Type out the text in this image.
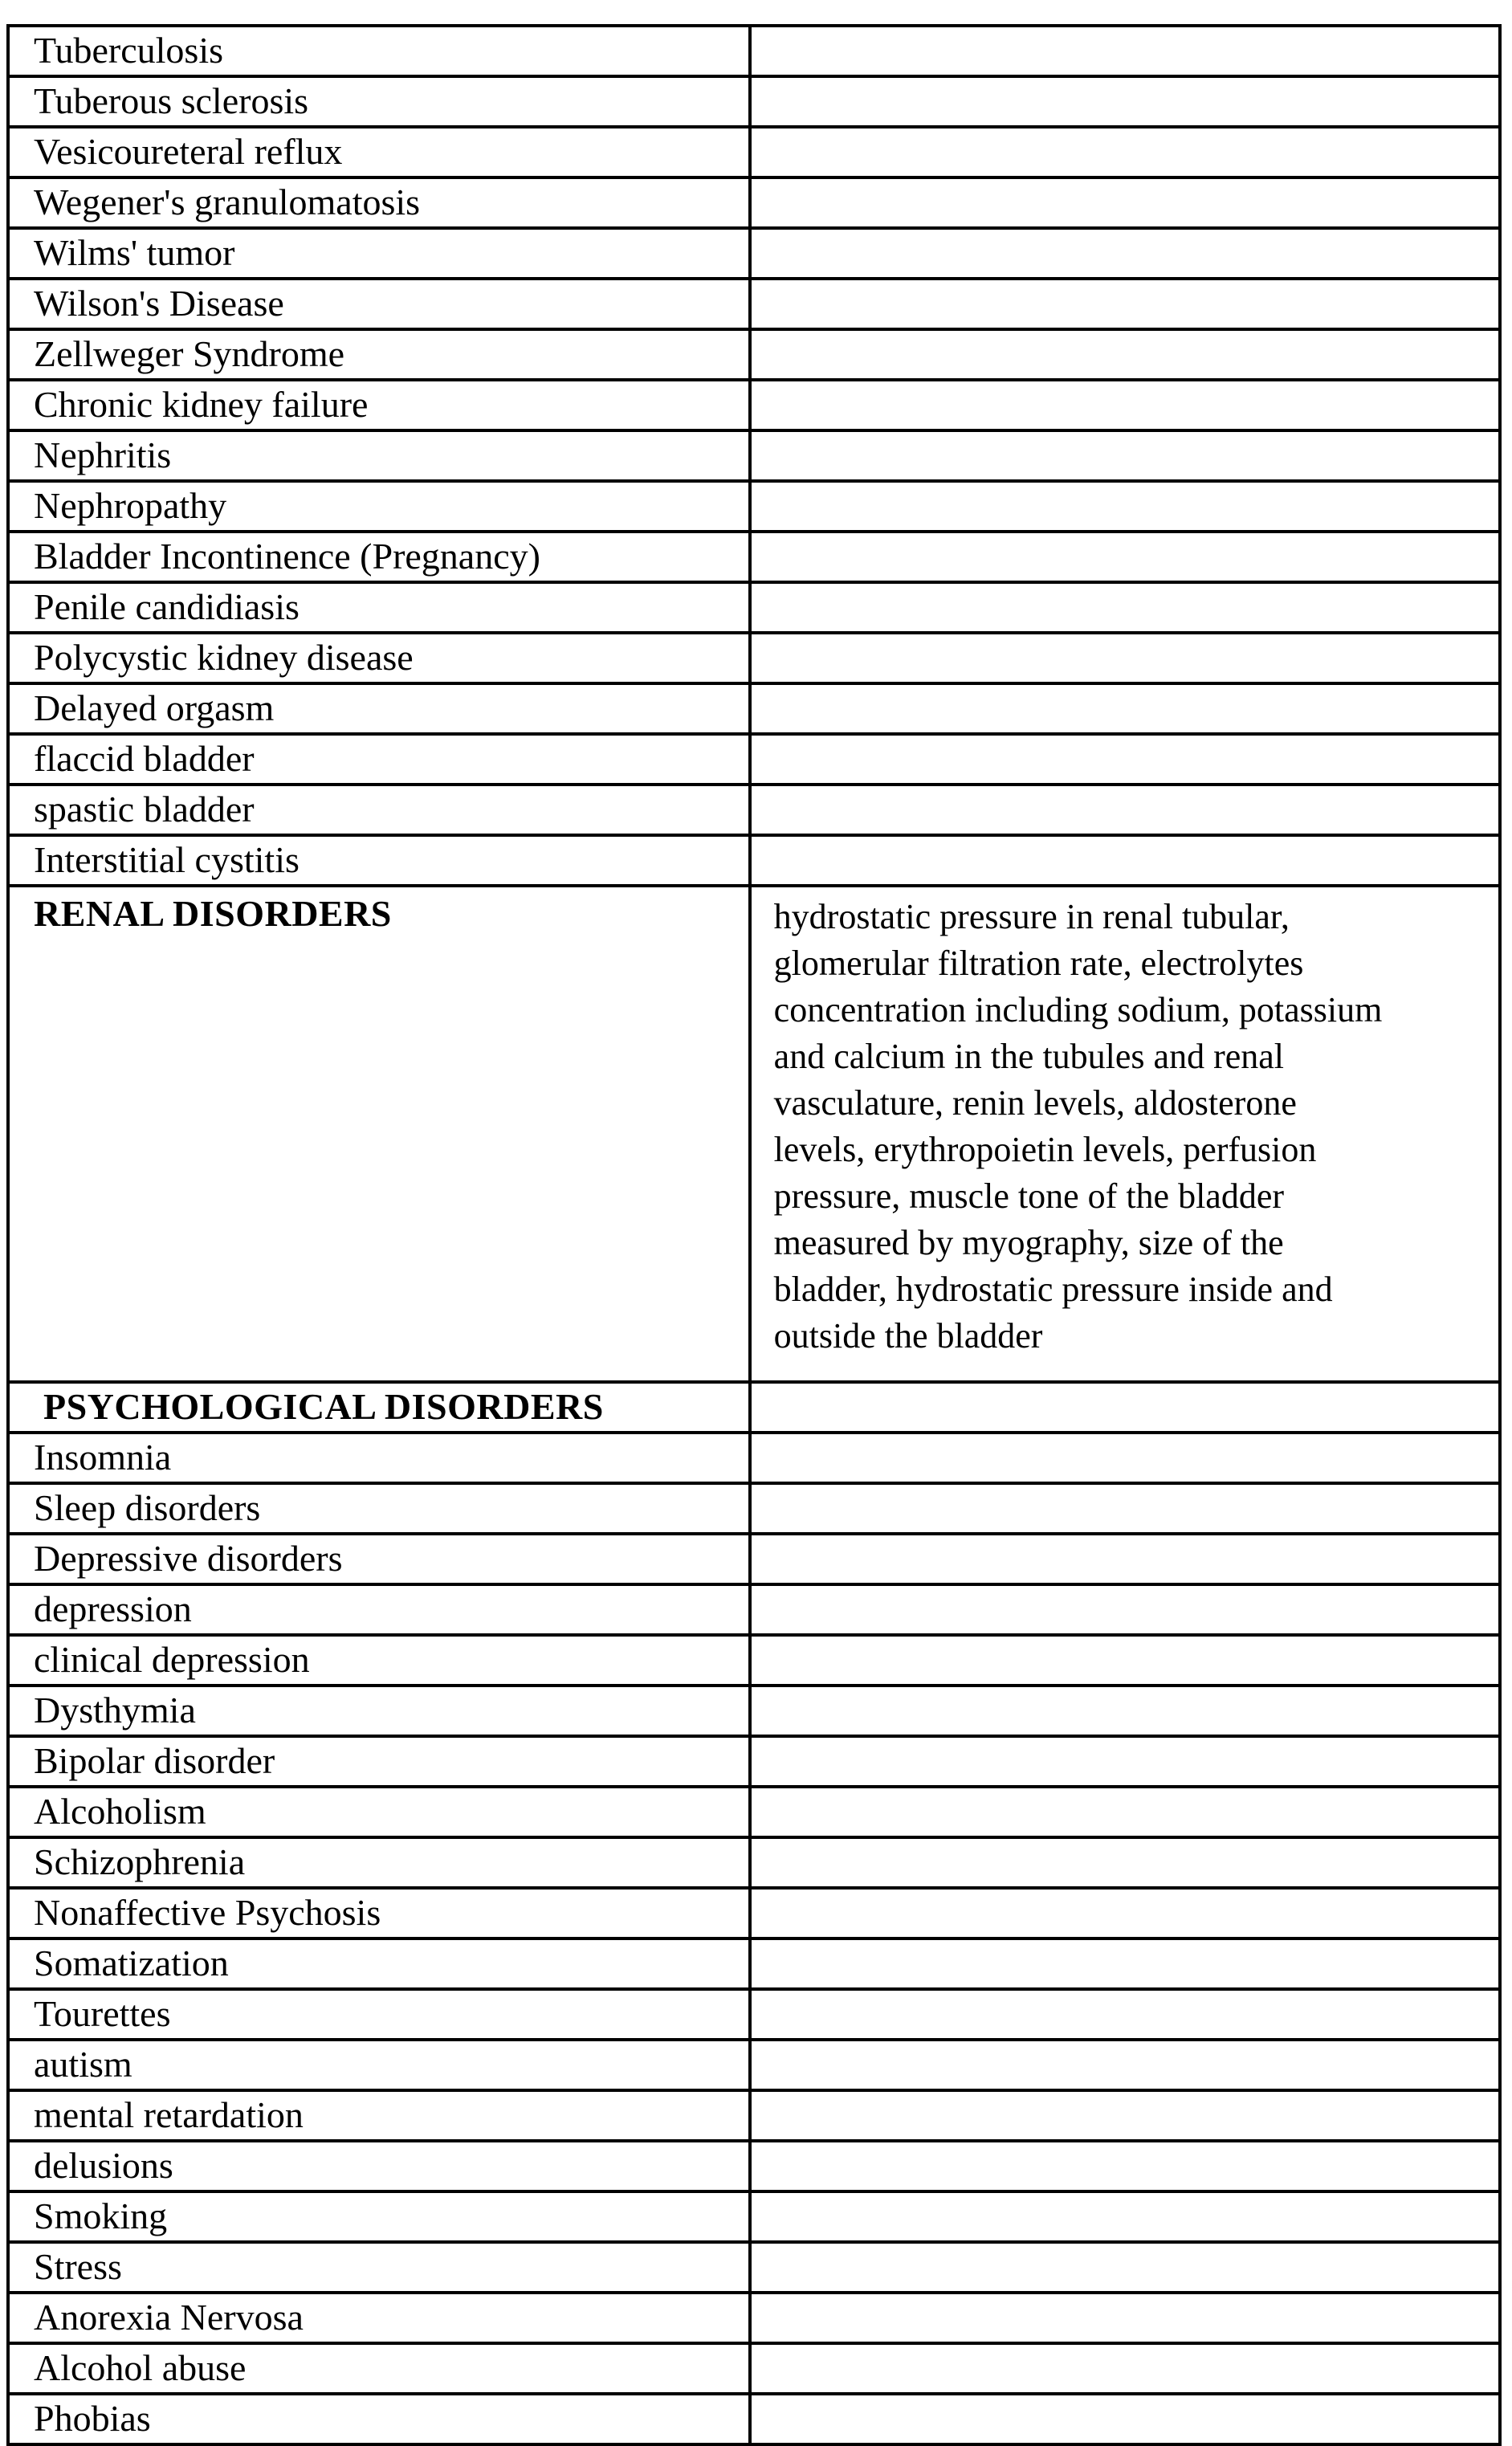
Tuberculosis	
Tuberous sclerosis	
Vesicoureteral reflux	
Wegener's granulomatosis	
Wilms' tumor	
Wilson's Disease	
Zellweger Syndrome	
Chronic kidney failure	
Nephritis	
Nephropathy	
Bladder Incontinence (Pregnancy)	
Penile candidiasis	
Polycystic kidney disease	
Delayed orgasm	
flaccid bladder	
spastic bladder	
Interstitial cystitis	
RENAL DISORDERS	hydrostatic pressure in renal tubular,
glomerular filtration rate, electrolytes
concentration including sodium, potassium
and calcium in the tubules and renal
vasculature, renin levels, aldosterone
levels, erythropoietin levels, perfusion
pressure, muscle tone of the bladder
measured by myography, size of the
bladder, hydrostatic pressure inside and
outside the bladder
PSYCHOLOGICAL DISORDERS	
Insomnia	
Sleep disorders	
Depressive disorders	
depression	
clinical depression	
Dysthymia	
Bipolar disorder	
Alcoholism	
Schizophrenia	
Nonaffective Psychosis	
Somatization	
Tourettes	
autism	
mental retardation	
delusions	
Smoking	
Stress	
Anorexia Nervosa	
Alcohol abuse	
Phobias	
